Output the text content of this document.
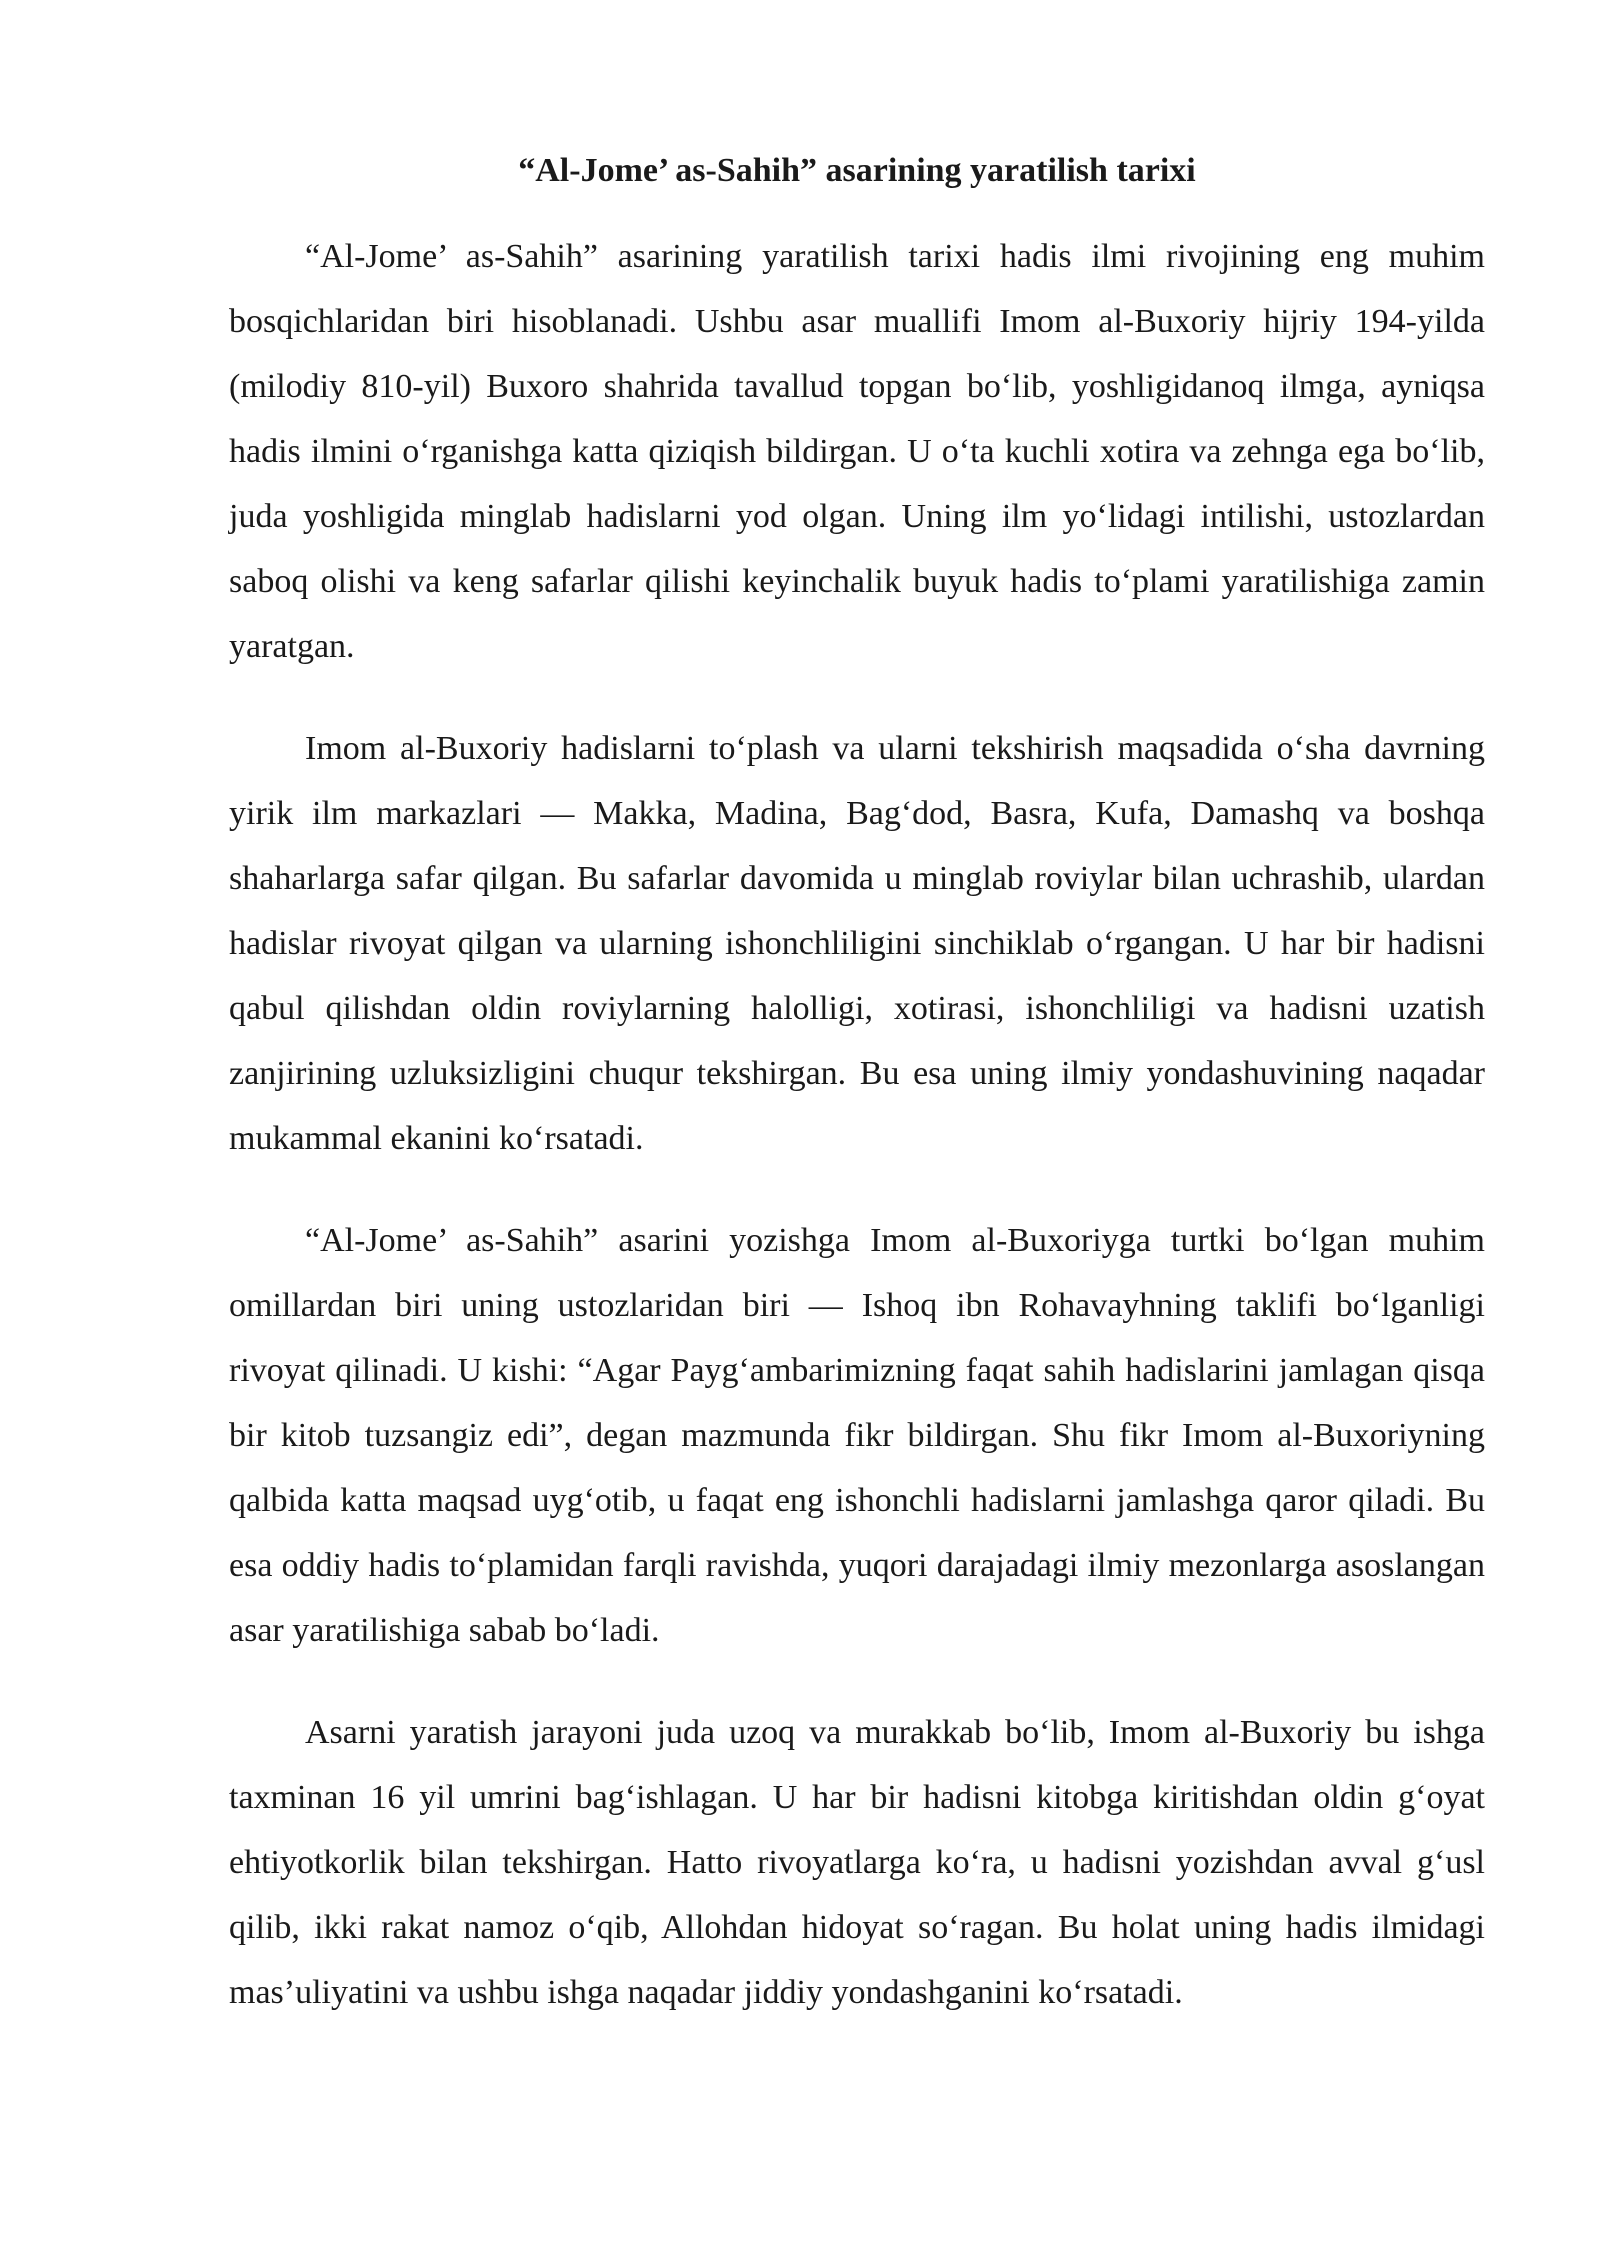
“Al-Jome’ as-Sahih” asarining yaratilish tarixi

“Al-Jome’ as-Sahih” asarining yaratilish tarixi hadis ilmi rivojining eng muhim bosqichlaridan biri hisoblanadi. Ushbu asar muallifi Imom al-Buxoriy hijriy 194-yilda (milodiy 810-yil) Buxoro shahrida tavallud topgan bo‘lib, yoshligidanoq ilmga, ayniqsa hadis ilmini o‘rganishga katta qiziqish bildirgan. U o‘ta kuchli xotira va zehnga ega bo‘lib, juda yoshligida minglab hadislarni yod olgan. Uning ilm yo‘lidagi intilishi, ustozlardan saboq olishi va keng safarlar qilishi keyinchalik buyuk hadis to‘plami yaratilishiga zamin yaratgan.

Imom al-Buxoriy hadislarni to‘plash va ularni tekshirish maqsadida o‘sha davrning yirik ilm markazlari — Makka, Madina, Bag‘dod, Basra, Kufa, Damashq va boshqa shaharlarga safar qilgan. Bu safarlar davomida u minglab roviylar bilan uchrashib, ulardan hadislar rivoyat qilgan va ularning ishonchliligini sinchiklab o‘rgangan. U har bir hadisni qabul qilishdan oldin roviylarning halolligi, xotirasi, ishonchliligi va hadisni uzatish zanjirining uzluksizligini chuqur tekshirgan. Bu esa uning ilmiy yondashuvining naqadar mukammal ekanini ko‘rsatadi.

“Al-Jome’ as-Sahih” asarini yozishga Imom al-Buxoriyga turtki bo‘lgan muhim omillardan biri uning ustozlaridan biri — Ishoq ibn Rohavayhning taklifi bo‘lganligi rivoyat qilinadi. U kishi: “Agar Payg‘ambarimizning faqat sahih hadislarini jamlagan qisqa bir kitob tuzsangiz edi”, degan mazmunda fikr bildirgan. Shu fikr Imom al-Buxoriyning qalbida katta maqsad uyg‘otib, u faqat eng ishonchli hadislarni jamlashga qaror qiladi. Bu esa oddiy hadis to‘plamidan farqli ravishda, yuqori darajadagi ilmiy mezonlarga asoslangan asar yaratilishiga sabab bo‘ladi.

Asarni yaratish jarayoni juda uzoq va murakkab bo‘lib, Imom al-Buxoriy bu ishga taxminan 16 yil umrini bag‘ishlagan. U har bir hadisni kitobga kiritishdan oldin g‘oyat ehtiyotkorlik bilan tekshirgan. Hatto rivoyatlarga ko‘ra, u hadisni yozishdan avval g‘usl qilib, ikki rakat namoz o‘qib, Allohdan hidoyat so‘ragan. Bu holat uning hadis ilmidagi mas’uliyatini va ushbu ishga naqadar jiddiy yondashganini ko‘rsatadi.
